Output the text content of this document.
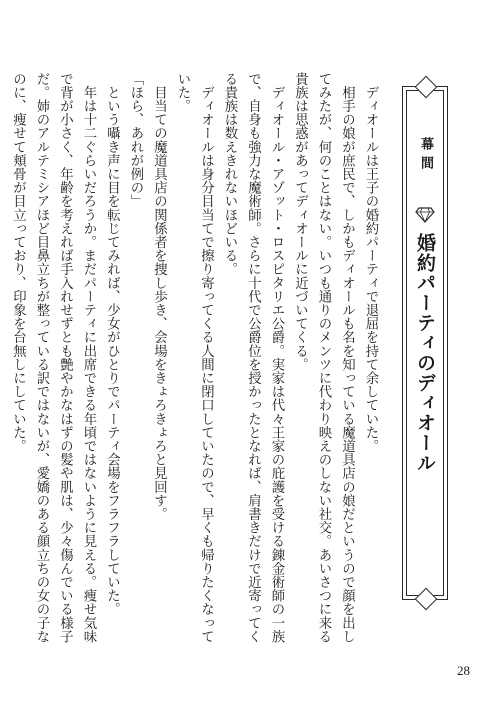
幕間
婚約パーティのディオール

　ディオールは王子の婚約パーティで退屈を持て余していた。

　相手の娘が庶民で、しかもディオールも名を知っている魔道具店の娘だというので顔を出してみたが、何のことはない。いつも通りのメンツに代わり映えのしない社交。あいさつに来る貴族は思惑があってディオールに近づいてくる。

　ディオール・アゾット・ロスピタリエ公爵。実家は代々王家の庇護を受ける錬金術師の一族で、自身も強力な魔術師。さらに十代で公爵位を授かったとなれば、肩書きだけで近寄ってくる貴族は数えきれないほどいる。

　ディオールは身分目当てで擦り寄ってくる人間に閉口していたので、早くも帰りたくなっていた。

　目当ての魔道具店の関係者を捜し歩き、会場をきょろきょろと見回す。

「ほら、あれが例の」

　という囁き声に目を転じてみれば、少女がひとりでパーティ会場をフラフラしていた。

　年は十二ぐらいだろうか。まだパーティに出席できる年頃ではないように見える。痩せ気味で背が小さく、年齢を考えれば手入れせずとも艶やかなはずの髪や肌は、少々傷んでいる様子だ。姉のアルテミシアほど目鼻立ちが整っている訳ではないが、愛嬌のある顔立ちの女の子なのに、痩せて頬骨が目立っており、印象を台無しにしていた。

28
